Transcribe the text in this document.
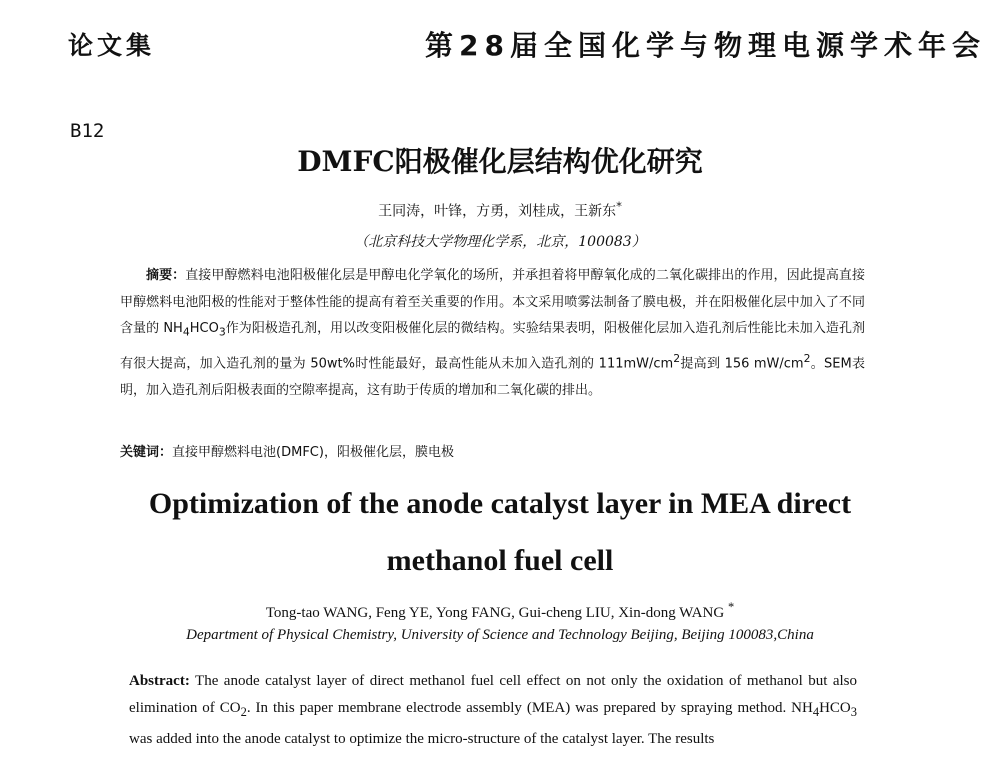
论文集	第28届全国化学与物理电源学术年会
B12
DMFC阳极催化层结构优化研究
王同涛，叶锋，方勇，刘桂成，王新东*
（北京科技大学物理化学系，北京，100083）

摘要：直接甲醇燃料电池阳极催化层是甲醇电化学氧化的场所，并承担着将甲醇氧化成的二氧化碳排出的作用，因此提高直接甲醇燃料电池阳极的性能对于整体性能的提高有着至关重要的作用。本文采用喷雾法制备了膜电极，并在阳极催化层中加入了不同含量的 $NH_4HCO_3$作为阳极造孔剂，用以改变阳极催化层的微结构。实验结果表明，阳极催化层加入造孔剂后性能比未加入造孔剂有很大提高，加入造孔剂的量为 50wt%时性能最好，最高性能从未加入造孔剂的 $111mW/cm^2$提高到 156 $mW/cm^2$。SEM表明，加入造孔剂后阳极表面的空隙率提高，这有助于传质的增加和二氧化碳的排出。

关键词：直接甲醇燃料电池(DMFC)，阳极催化层，膜电极
Optimization of the anode catalyst layer in MEA direct
methanol fuel cell
Tong-tao WANG, Feng YE, Yong FANG, Gui-cheng LIU, Xin-dong WANG *
Department of Physical Chemistry, University of Science and Technology Beijing, Beijing 100083,China

Abstract: The anode catalyst layer of direct methanol fuel cell effect on not only the oxidation of methanol but also elimination of $CO_2$. In this paper membrane electrode assembly (MEA) was prepared by spraying method. $NH_4HCO_3$ was added into the anode catalyst to optimize the micro-structure of the catalyst layer. The results
